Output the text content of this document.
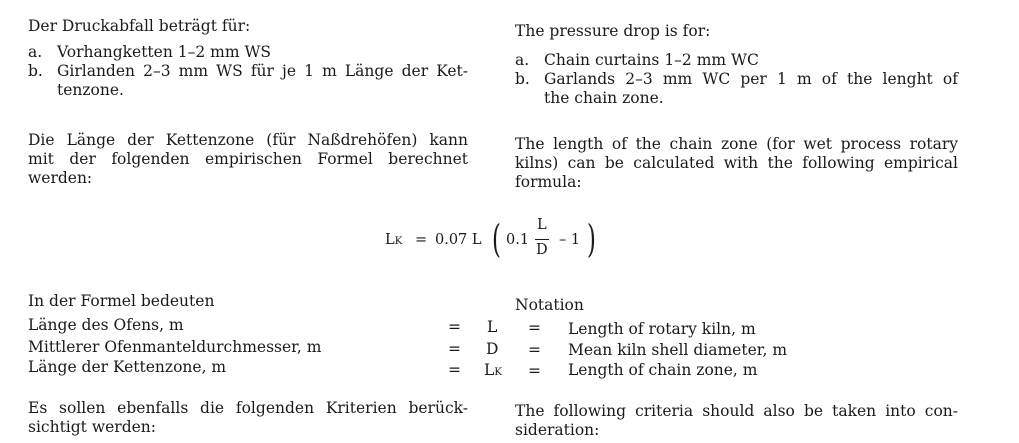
Der Druckabfall beträgt für:
a. Vorhangketten 1–2 mm WS
b. Girlanden 2–3 mm WS für je 1 m Länge der Ket-
tenzone.
Die Länge der Kettenzone (für Naßdrehöfen) kann
mit der folgenden empirischen Formel berechnet
werden:
The pressure drop is for:
a. Chain curtains 1–2 mm WC
b. Garlands 2–3 mm WC per 1 m of the lenght of
the chain zone.
The length of the chain zone (for wet process rotary
kilns) can be calculated with the following empirical
formula:
LK = 0.07 L ( 0.1
L
D
– 1 )
In der Formel bedeuten	Notation
Länge des Ofens, m
Mittlerer Ofenmanteldurchmesser, m
Länge der Kettenzone, m
=
=
=
L
D
LK
=
=
=
Length of rotary kiln, m
Mean kiln shell diameter, m
Length of chain zone, m
Es sollen ebenfalls die folgenden Kriterien berück-
sichtigt werden:
The following criteria should also be taken into con-
sideration:
